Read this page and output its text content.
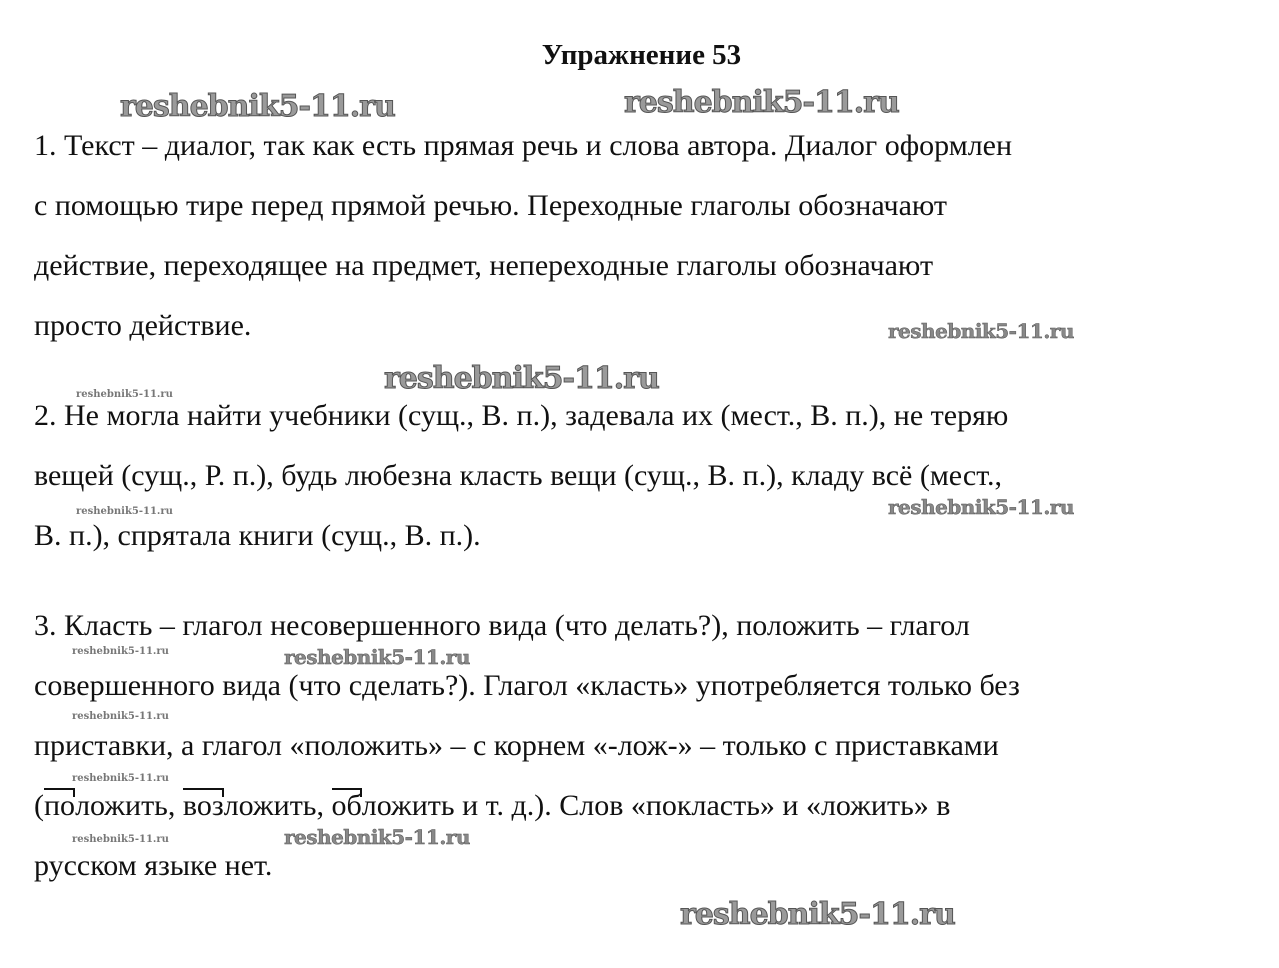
Упражнение 53
1. Текст – диалог, так как есть прямая речь и слова автора. Диалог оформлен
с помощью тире перед прямой речью. Переходные глаголы обозначают
действие, переходящее на предмет, непереходные глаголы обозначают
просто действие.
2. Не могла найти учебники (сущ., В. п.), задевала их (мест., В. п.), не теряю
вещей (сущ., Р. п.), будь любезна класть вещи (сущ., В. п.), кладу всё (мест.,
В. п.), спрятала книги (сущ., В. п.).
3. Класть – глагол несовершенного вида (что делать?), положить – глагол
совершенного вида (что сделать?). Глагол «класть» употребляется только без
приставки, а глагол «положить» – с корнем «-лож-» – только с приставками
(положить, возложить, обложить и т. д.). Слов «покласть» и «ложить» в
русском языке нет.
reshebnik5-11.ru	reshebnik5-11.ru
reshebnik5-11.ru
reshebnik5-11.ru
reshebnik5-11.ru
reshebnik5-11.ru
reshebnik5-11.ru
reshebnik5-11.ru	reshebnik5-11.ru
reshebnik5-11.ru
reshebnik5-11.ru
reshebnik5-11.ru
reshebnik5-11.ru
reshebnik5-11.ru
